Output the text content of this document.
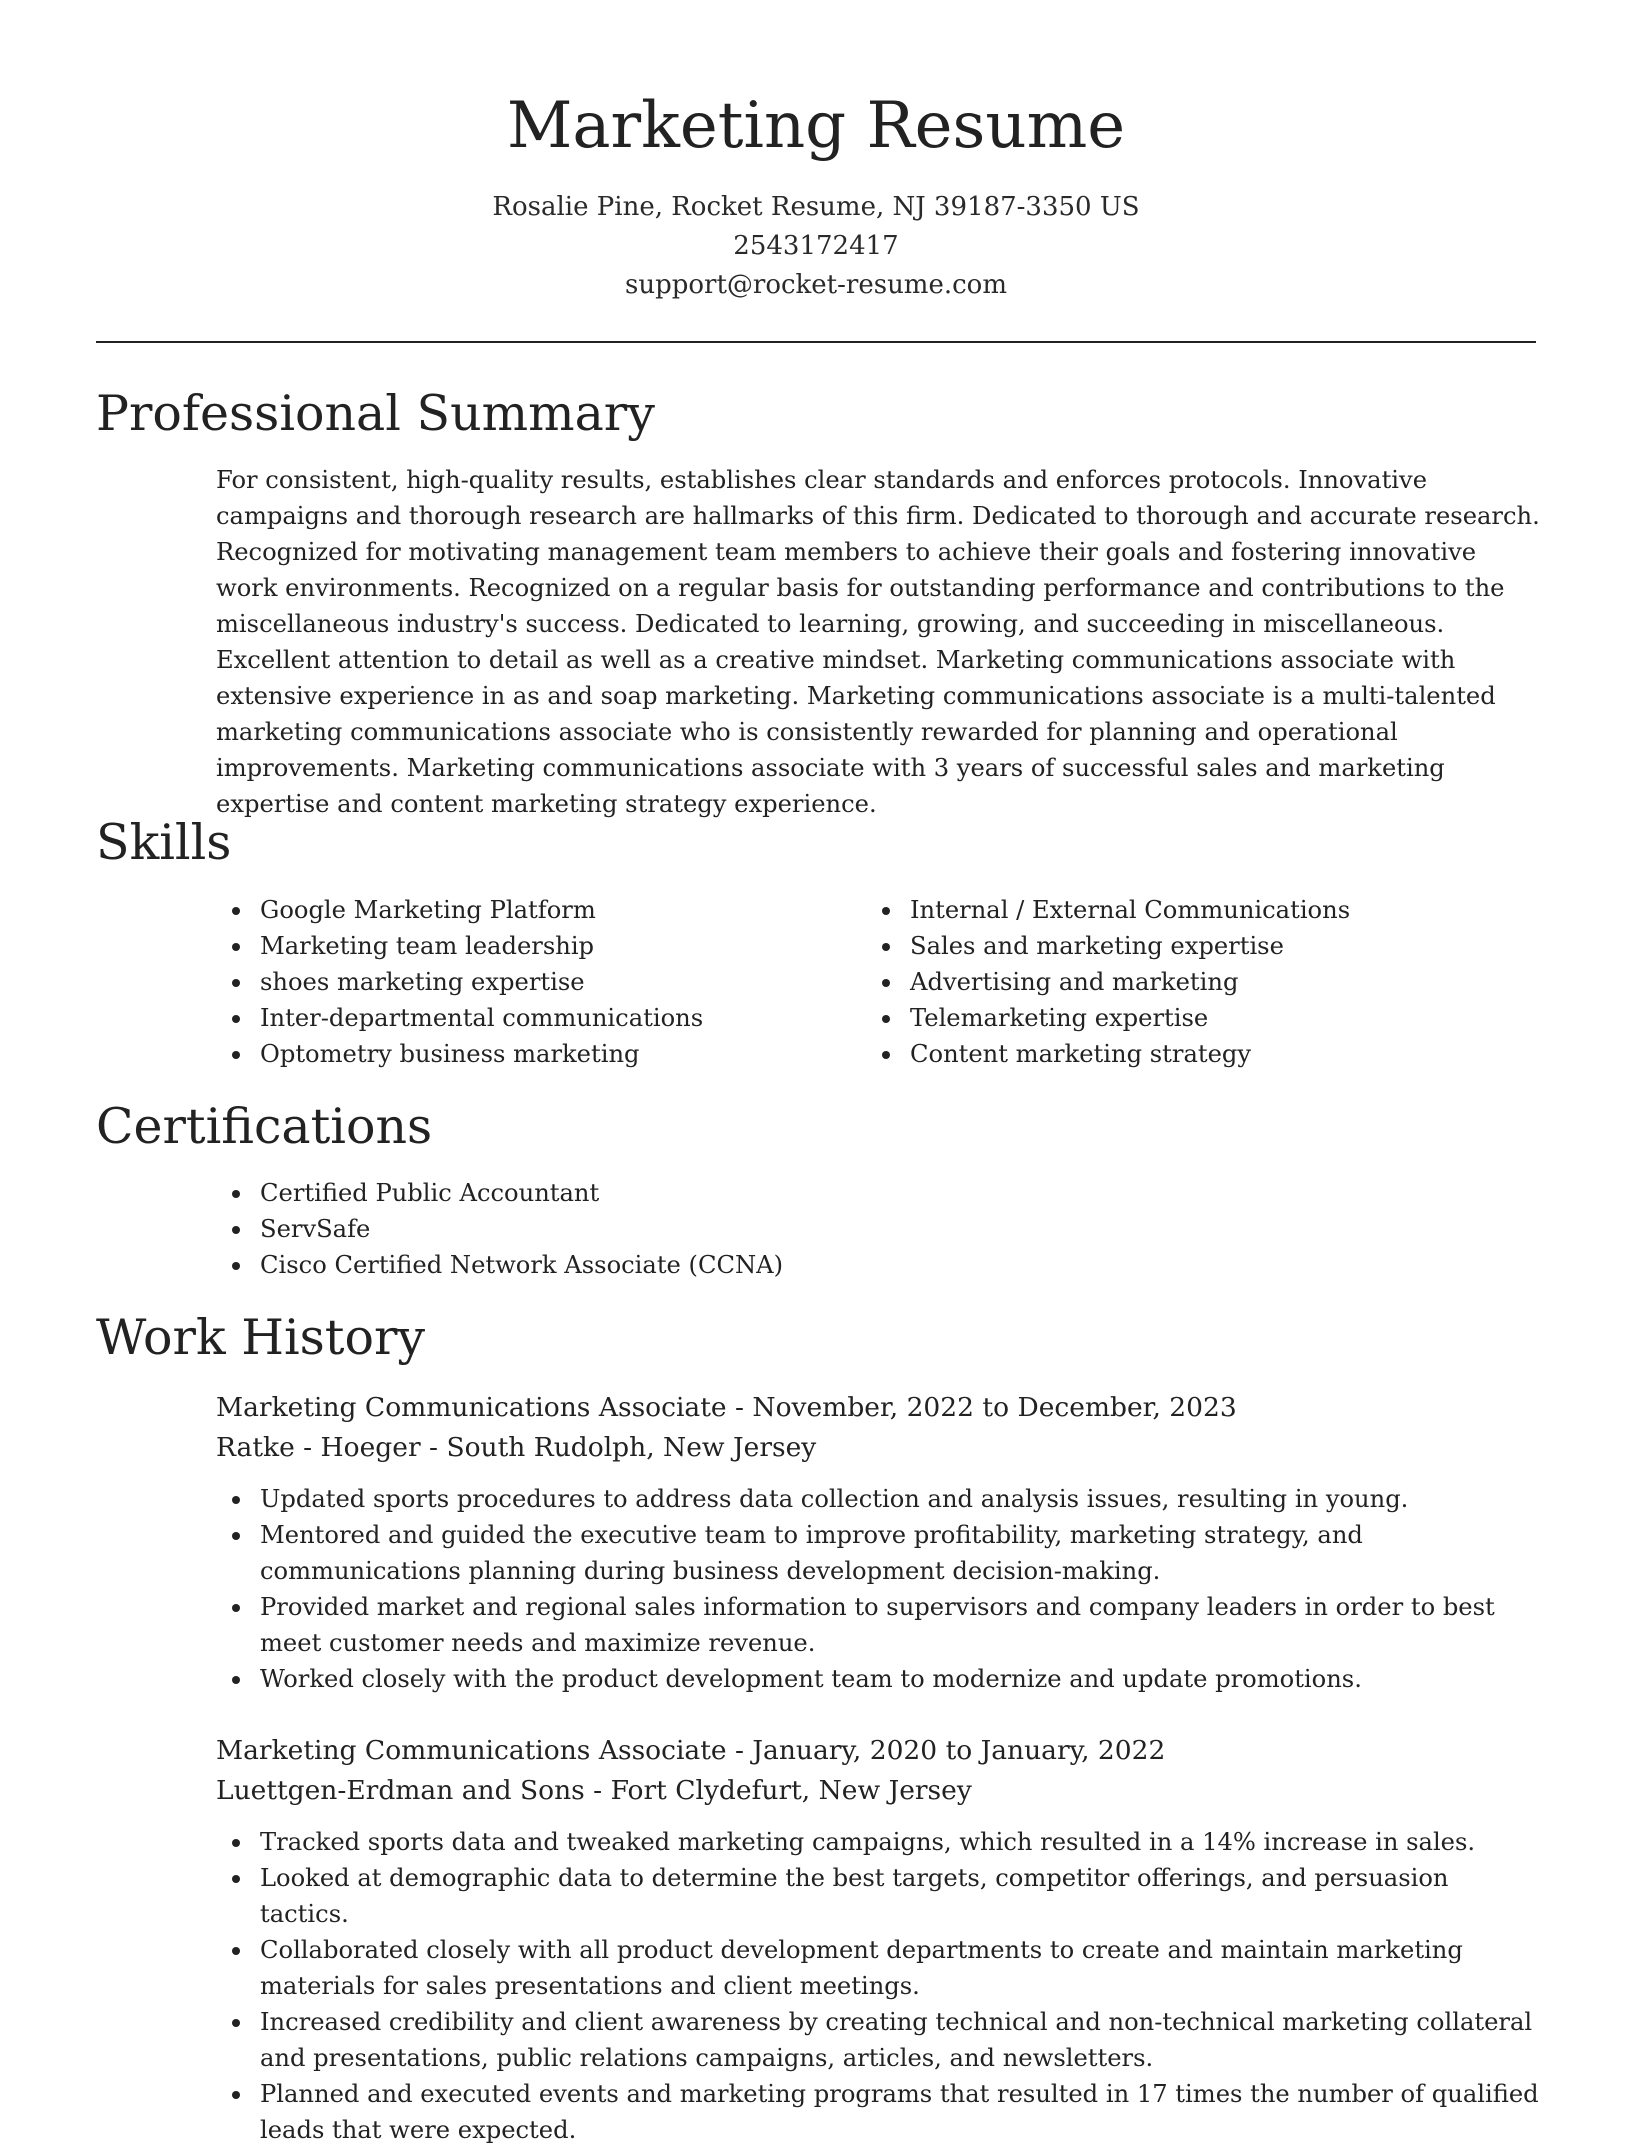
Marketing Resume

Rosalie Pine, Rocket Resume, NJ 39187-3350 US

2543172417

support@rocket-resume.com

Professional Summary

For consistent, high-quality results, establishes clear standards and enforces protocols. Innovative campaigns and thorough research are hallmarks of this firm. Dedicated to thorough and accurate research. Recognized for motivating management team members to achieve their goals and fostering innovative work environments. Recognized on a regular basis for outstanding performance and contributions to the miscellaneous industry's success. Dedicated to learning, growing, and succeeding in miscellaneous. Excellent attention to detail as well as a creative mindset. Marketing communications associate with extensive experience in as and soap marketing. Marketing communications associate is a multi-talented marketing communications associate who is consistently rewarded for planning and operational improvements. Marketing communications associate with 3 years of successful sales and marketing expertise and content marketing strategy experience.

Skills
Google Marketing Platform
Marketing team leadership
shoes marketing expertise
Inter-departmental communications
Optometry business marketing
Internal / External Communications
Sales and marketing expertise
Advertising and marketing
Telemarketing expertise
Content marketing strategy
Certifications
Certified Public Accountant
ServSafe
Cisco Certified Network Associate (CCNA)
Work History

Marketing Communications Associate - November, 2022 to December, 2023

Ratke - Hoeger - South Rudolph, New Jersey

Updated sports procedures to address data collection and analysis issues, resulting in young.
Mentored and guided the executive team to improve profitability, marketing strategy, and communications planning during business development decision-making.
Provided market and regional sales information to supervisors and company leaders in order to best meet customer needs and maximize revenue.
Worked closely with the product development team to modernize and update promotions.

Marketing Communications Associate - January, 2020 to January, 2022

Luettgen-Erdman and Sons - Fort Clydefurt, New Jersey

Tracked sports data and tweaked marketing campaigns, which resulted in a 14% increase in sales.
Looked at demographic data to determine the best targets, competitor offerings, and persuasion tactics.
Collaborated closely with all product development departments to create and maintain marketing materials for sales presentations and client meetings.
Increased credibility and client awareness by creating technical and non-technical marketing collateral and presentations, public relations campaigns, articles, and newsletters.
Planned and executed events and marketing programs that resulted in 17 times the number of qualified leads that were expected.
